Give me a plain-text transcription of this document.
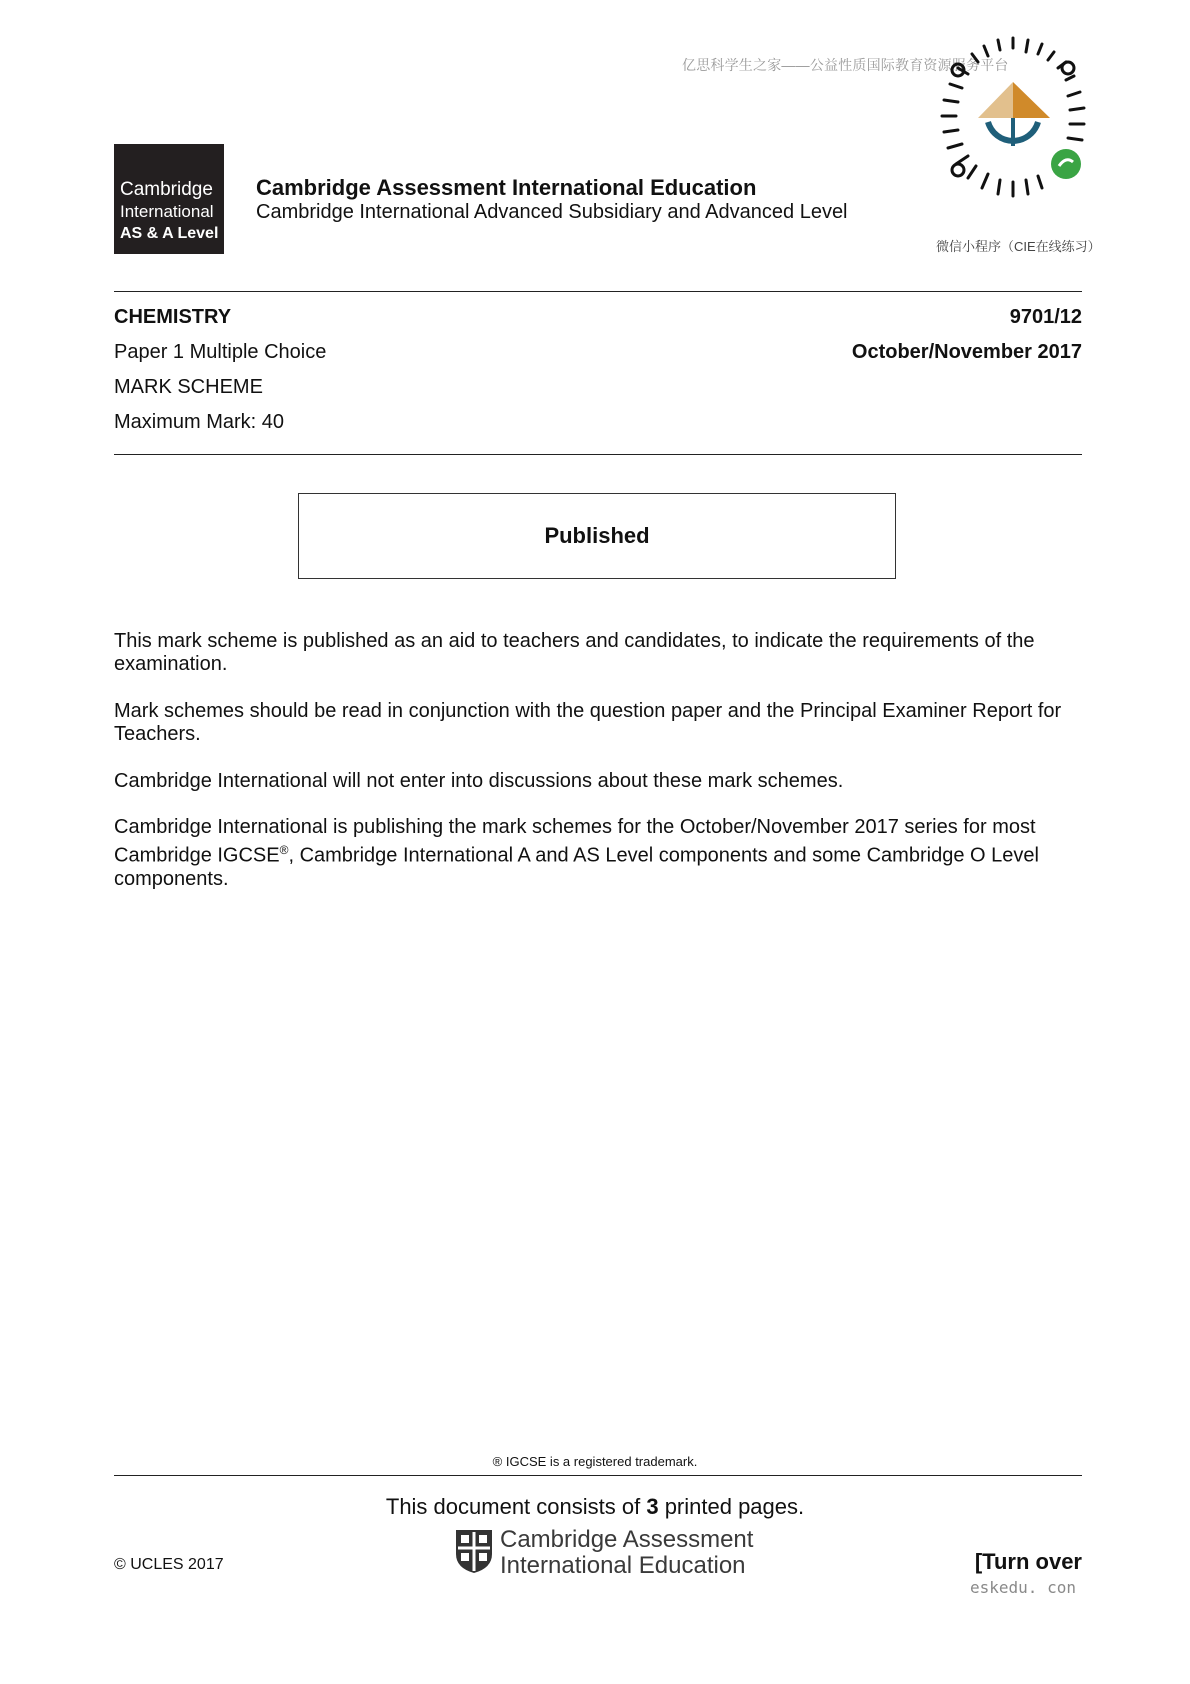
亿思科学生之家——公益性质国际教育资源服务平台
微信小程序（CIE在线练习）
Cambridge
International
AS & A Level
Cambridge Assessment International Education
Cambridge International Advanced Subsidiary and Advanced Level
CHEMISTRY	9701/12
Paper 1 Multiple Choice	October/November 2017
MARK SCHEME
Maximum Mark: 40
Published
This mark scheme is published as an aid to teachers and candidates, to indicate the requirements of the examination.
Mark schemes should be read in conjunction with the question paper and the Principal Examiner Report for Teachers.
Cambridge International will not enter into discussions about these mark schemes.
Cambridge International is publishing the mark schemes for the October/November 2017 series for most Cambridge IGCSE®, Cambridge International A and AS Level components and some Cambridge O Level components.
® IGCSE is a registered trademark.
This document consists of 3 printed pages.
Cambridge Assessment
International Education
© UCLES 2017	[Turn over
eskedu. con
